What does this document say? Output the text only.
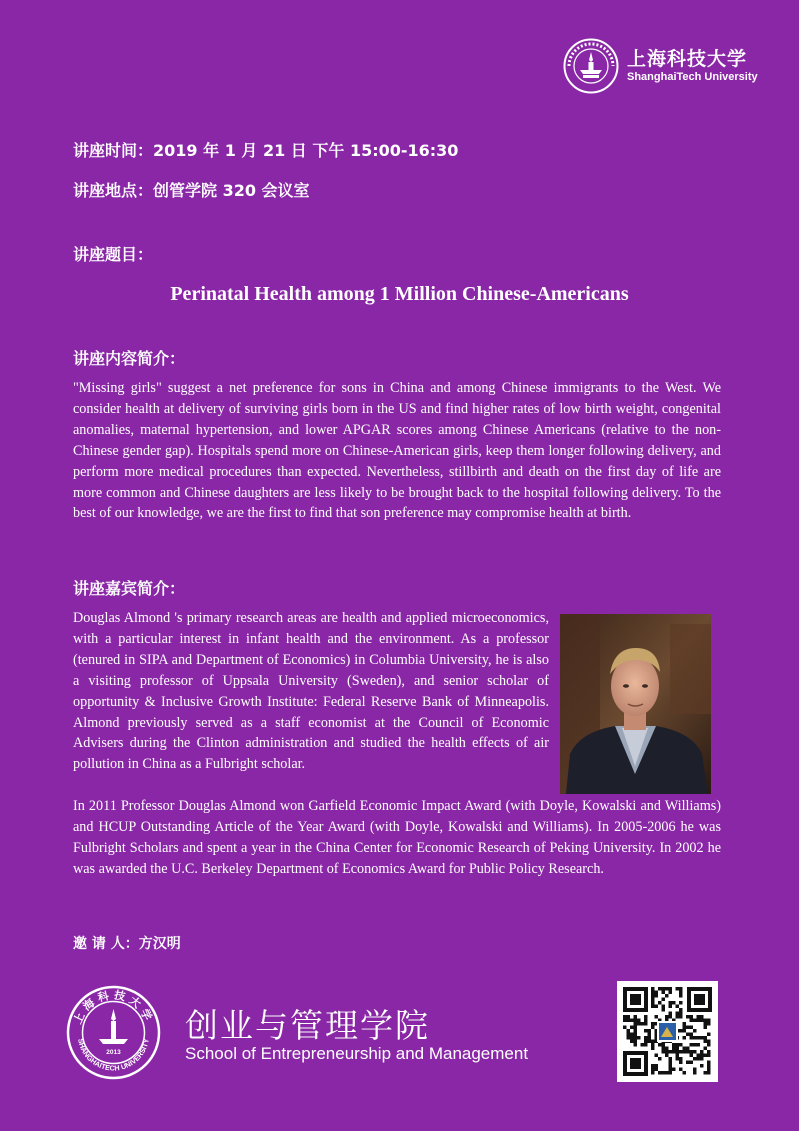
上海科技大学
ShanghaiTech University
讲座时间：2019 年 1 月 21 日 下午 15:00-16:30
讲座地点：创管学院 320 会议室
讲座题目：
Perinatal Health among 1 Million Chinese-Americans
讲座内容简介：
"Missing girls" suggest a net preference for sons in China and among Chinese immigrants to the West. We consider health at delivery of surviving girls born in the US and find higher rates of low birth weight, congenital anomalies, maternal hypertension, and lower APGAR scores among Chinese Americans (relative to the non-Chinese gender gap). Hospitals spend more on Chinese-American girls, keep them longer following delivery, and perform more medical procedures than expected. Nevertheless, stillbirth and death on the first day of life are more common and Chinese daughters are less likely to be brought back to the hospital following delivery. To the best of our knowledge, we are the first to find that son preference may compromise health at birth.
讲座嘉宾简介：
Douglas Almond 's primary research areas are health and applied microeconomics, with a particular interest in infant health and the environment. As a professor (tenured in SIPA and Department of Economics) in Columbia University, he is also a visiting professor of Uppsala University (Sweden), and senior scholar of opportunity & Inclusive Growth Institute: Federal Reserve Bank of Minneapolis. Almond previously served as a staff economist at the Council of Economic Advisers during the Clinton administration and studied the health effects of air pollution in China as a Fulbright scholar.
In 2011 Professor Douglas Almond won Garfield Economic Impact Award (with Doyle, Kowalski and Williams) and HCUP Outstanding Article of the Year Award (with Doyle, Kowalski and Williams). In 2005-2006 he was Fulbright Scholars and spent a year in the China Center for Economic Research of Peking University. In 2002 he was awarded the U.C. Berkeley Department of Economics Award for Public Policy Research.
邀 请 人：方汉明
上海科技大学
SHANGHAITECH UNIVERSITY
2013
创业与管理学院
School of Entrepreneurship and Management
